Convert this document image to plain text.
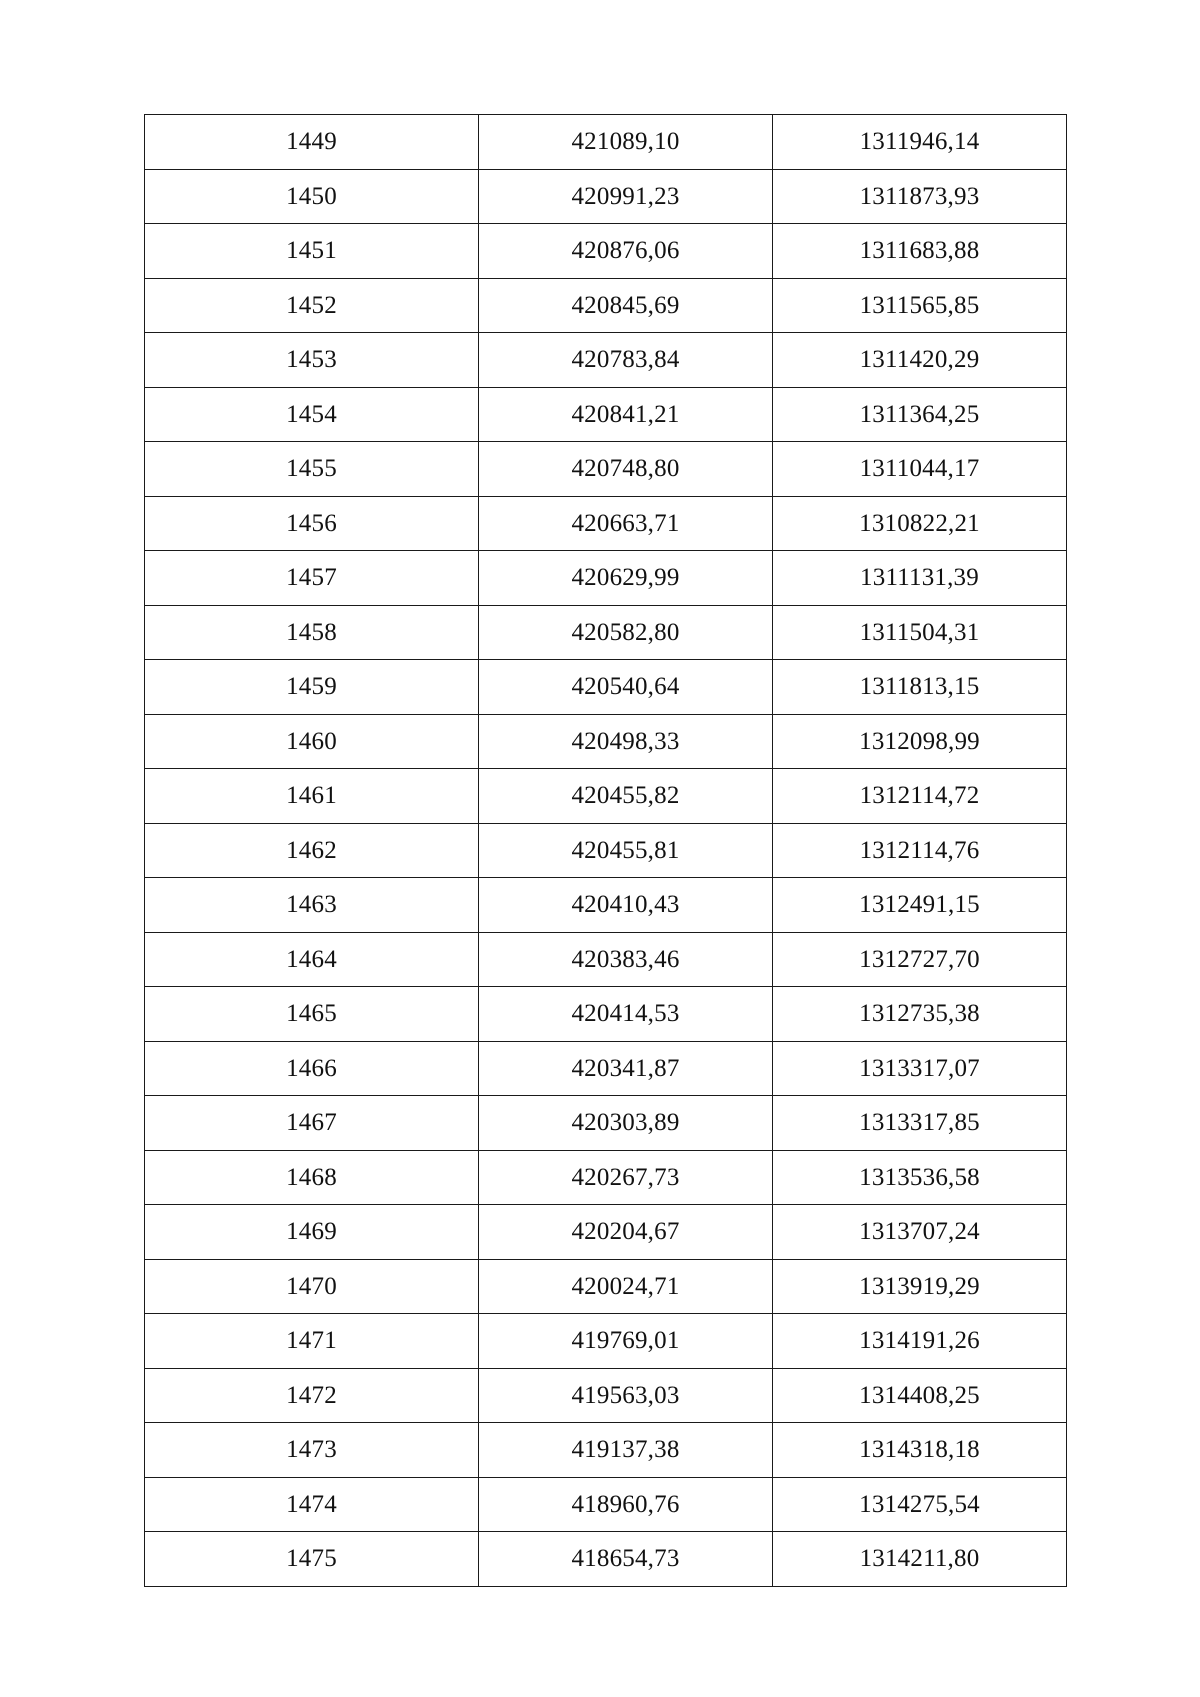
1449	421089,10	1311946,14
1450	420991,23	1311873,93
1451	420876,06	1311683,88
1452	420845,69	1311565,85
1453	420783,84	1311420,29
1454	420841,21	1311364,25
1455	420748,80	1311044,17
1456	420663,71	1310822,21
1457	420629,99	1311131,39
1458	420582,80	1311504,31
1459	420540,64	1311813,15
1460	420498,33	1312098,99
1461	420455,82	1312114,72
1462	420455,81	1312114,76
1463	420410,43	1312491,15
1464	420383,46	1312727,70
1465	420414,53	1312735,38
1466	420341,87	1313317,07
1467	420303,89	1313317,85
1468	420267,73	1313536,58
1469	420204,67	1313707,24
1470	420024,71	1313919,29
1471	419769,01	1314191,26
1472	419563,03	1314408,25
1473	419137,38	1314318,18
1474	418960,76	1314275,54
1475	418654,73	1314211,80
